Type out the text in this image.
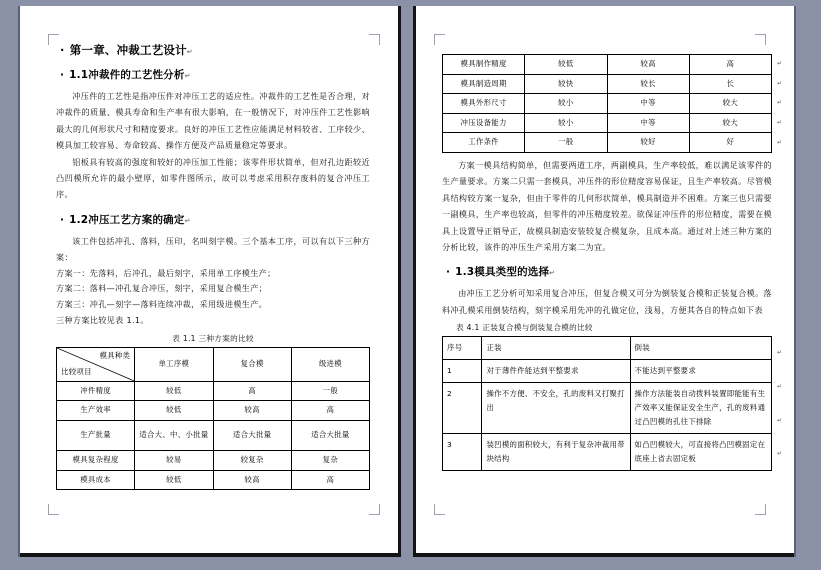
· 第一章、冲裁工艺设计↵
· 1.1冲裁件的工艺性分析↵

冲压件的工艺性是指冲压件对冲压工艺的适应性。冲裁件的工艺性是否合理，对冲裁件的质量、模具寿命和生产率有很大影响，在一般情况下，对冲压件工艺性影响最大的几何形状尺寸和精度要求。良好的冲压工艺性应能满足材料较省、工序较少、模具加工较容易、寿命较高、操作方便及产品质量稳定等要求。

铝板具有较高的强度和较好的冲压加工性能；该零件形状简单，但对孔边距较近凸凹模所允许的最小壁厚，如零件图所示，故可以考虑采用积存废料的复合冲压工序。

· 1.2冲压工艺方案的确定↵

该工件包括冲孔、落料，压印，名叫刻字模。三个基本工序，可以有以下三种方案：

方案一：先落料，后冲孔，最后刻字，采用单工序模生产；

方案二：落料—冲孔复合冲压，刻字，采用复合模生产；

方案三：冲孔—刻字—落料连续冲裁，采用级进模生产。

三种方案比较见表 1.1。

表 1.1 三种方案的比较
模具种类
比较项目	单工序模	复合模	级进模
冲件精度	较低	高	一般
生产效率	较低	较高	高
生产批量	适合大、中、小批量	适合大批量	适合大批量
模具复杂程度	较易	较复杂	复杂
模具成本	较低	较高	高
模具制作精度	较低	较高	高
模具制造周期	较快	较长	长
模具外形尺寸	较小	中等	较大
冲压设备能力	较小	中等	较大
工作条件	一般	较好	好
↵
↵
↵
↵
↵

方案一模具结构简单，但需要两道工序，两副模具，生产率较低，难以满足该零件的生产量要求。方案二只需一套模具，冲压件的形位精度容易保证，且生产率较高。尽管模具结构较方案一复杂，但由于零件的几何形状简单，模具制造并不困难。方案三也只需要一副模具，生产率也较高，但零件的冲压精度较差。欲保证冲压件的形位精度，需要在模具上设置导正销导正，故模具制造安装较复合模复杂，且成本高。通过对上述三种方案的分析比较，该件的冲压生产采用方案二为宜。

· 1.3模具类型的选择↵

由冲压工艺分析可知采用复合冲压，但复合模又可分为倒装复合模和正装复合模。落料冲孔模采用倒装结构，刻字模采用先冲的孔做定位，浅易，方便其各自的特点如下表

表 4.1 正装复合模与倒装复合模的比较
序号	正装	倒装
1	对于薄件件能达到平整要求	不能达到平整要求
2	操作不方便、不安全，孔的废料又打聚打出	操作方法能装自动拨料装置即能能有生产效率又能保证安全生产，孔的废料通过凸凹模的孔往下排除
3	装凹模的面积较大，有利于复杂冲裁用带块结构	如凸凹模较大，可直接将凸凹模固定在底座上省去固定板
↵
↵
↵
↵
